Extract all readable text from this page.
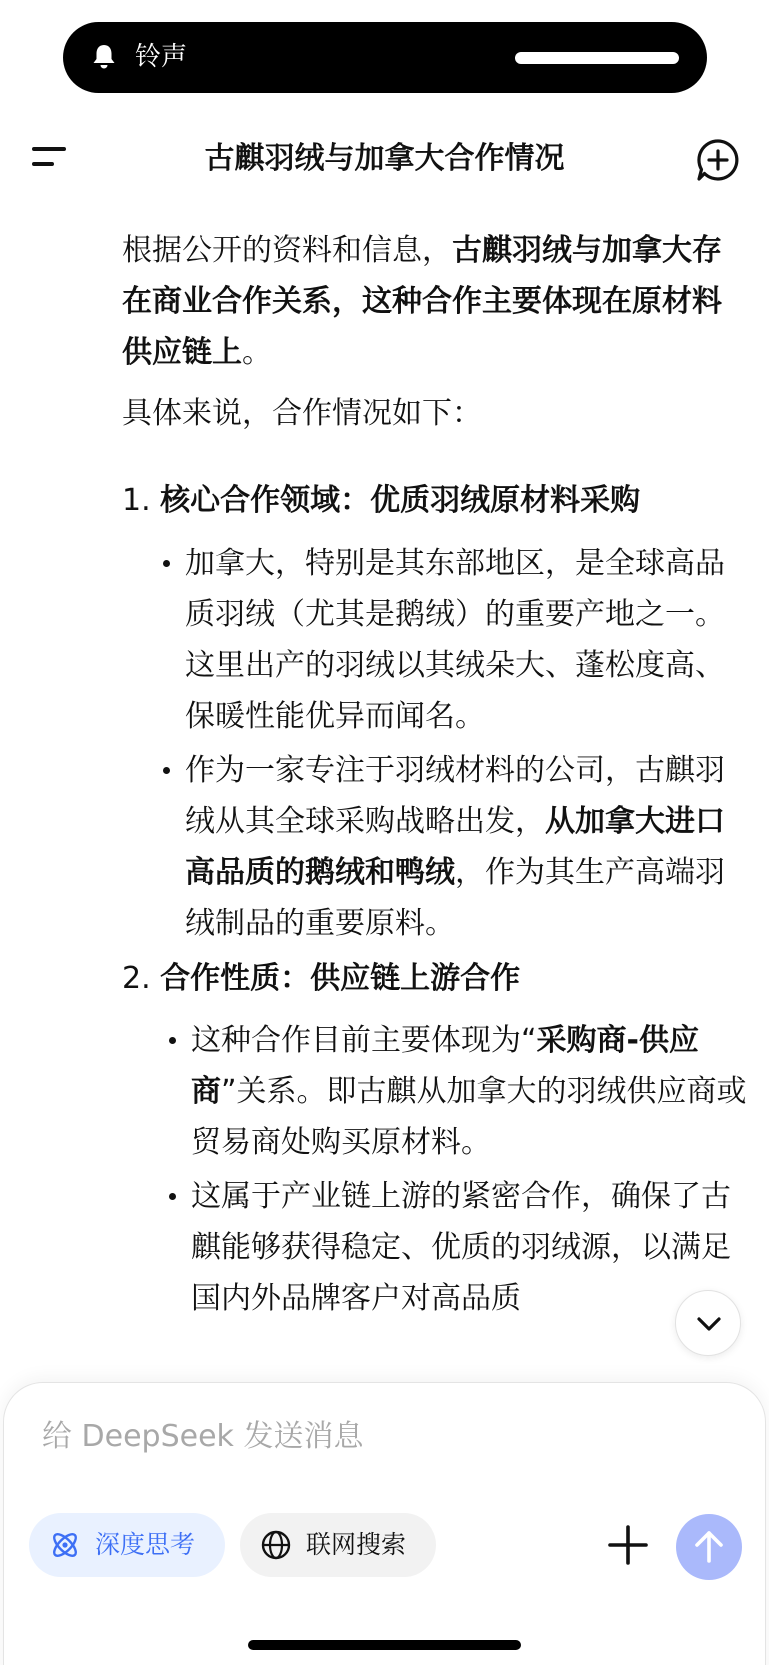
铃声
古麒羽绒与加拿大合作情况
根据公开的资料和信息，古麒羽绒与加拿大存在商业合作关系，这种合作主要体现在原材料供应链上。
具体来说，合作情况如下：
1. 核心合作领域：优质羽绒原材料采购
加拿大，特别是其东部地区，是全球高品质羽绒（尤其是鹅绒）的重要产地之一。这里出产的羽绒以其绒朵大、蓬松度高、保暖性能优异而闻名。
作为一家专注于羽绒材料的公司，古麒羽绒从其全球采购战略出发，从加拿大进口高品质的鹅绒和鸭绒，作为其生产高端羽绒制品的重要原料。
2. 合作性质：供应链上游合作
这种合作目前主要体现为“采购商-供应商”关系。即古麒从加拿大的羽绒供应商或贸易商处购买原材料。
这属于产业链上游的紧密合作，确保了古麒能够获得稳定、优质的羽绒源，以满足国内外品牌客户对高品质
给 DeepSeek 发送消息
深度思考	联网搜索
